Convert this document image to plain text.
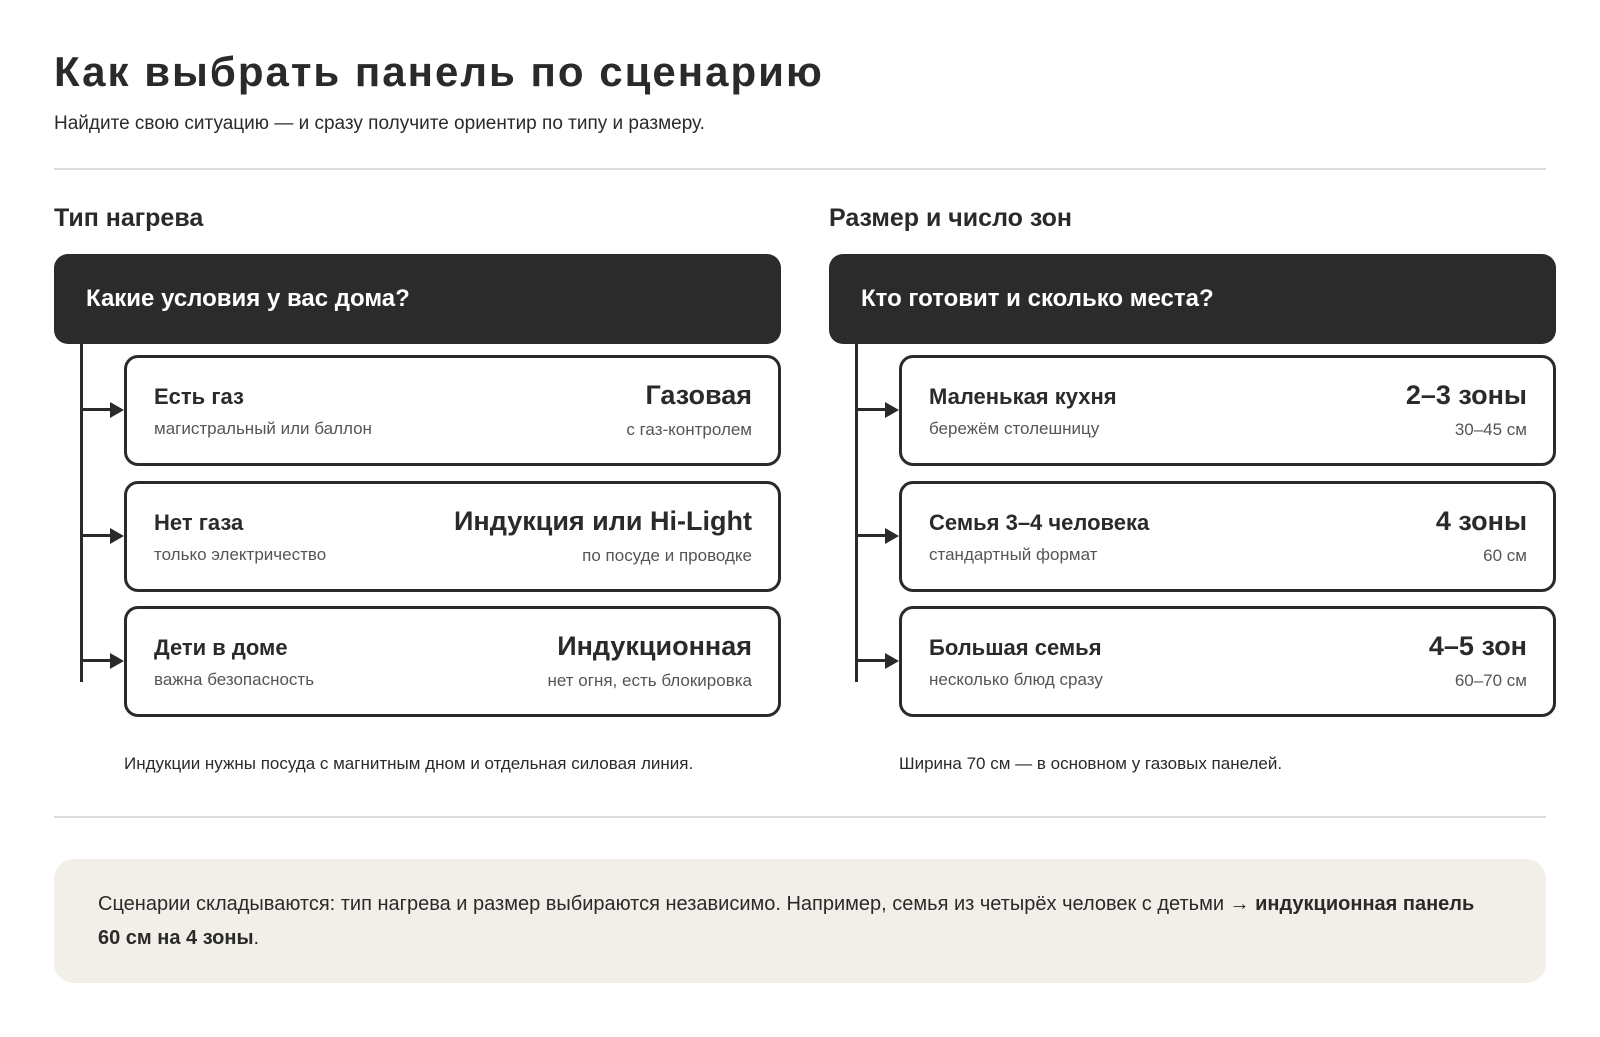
Как выбрать панель по сценарию

Найдите свою ситуацию — и сразу получите ориентир по типу и размеру.

Тип нагрева
Какие условия у вас дома?
Есть газ
магистральный или баллон
Газовая
с газ-контролем
Нет газа
только электричество
Индукция или Hi-Light
по посуде и проводке
Дети в доме
важна безопасность
Индукционная
нет огня, есть блокировка

Индукции нужны посуда с магнитным дном и отдельная силовая линия.

Размер и число зон
Кто готовит и сколько места?
Маленькая кухня
бережём столешницу
2–3 зоны
30–45 см
Семья 3–4 человека
стандартный формат
4 зоны
60 см
Большая семья
несколько блюд сразу
4–5 зон
60–70 см

Ширина 70 см — в основном у газовых панелей.

Сценарии складываются: тип нагрева и размер выбираются независимо. Например, семья из четырёх человек с детьми → индукционная панель 60 см на 4 зоны.
